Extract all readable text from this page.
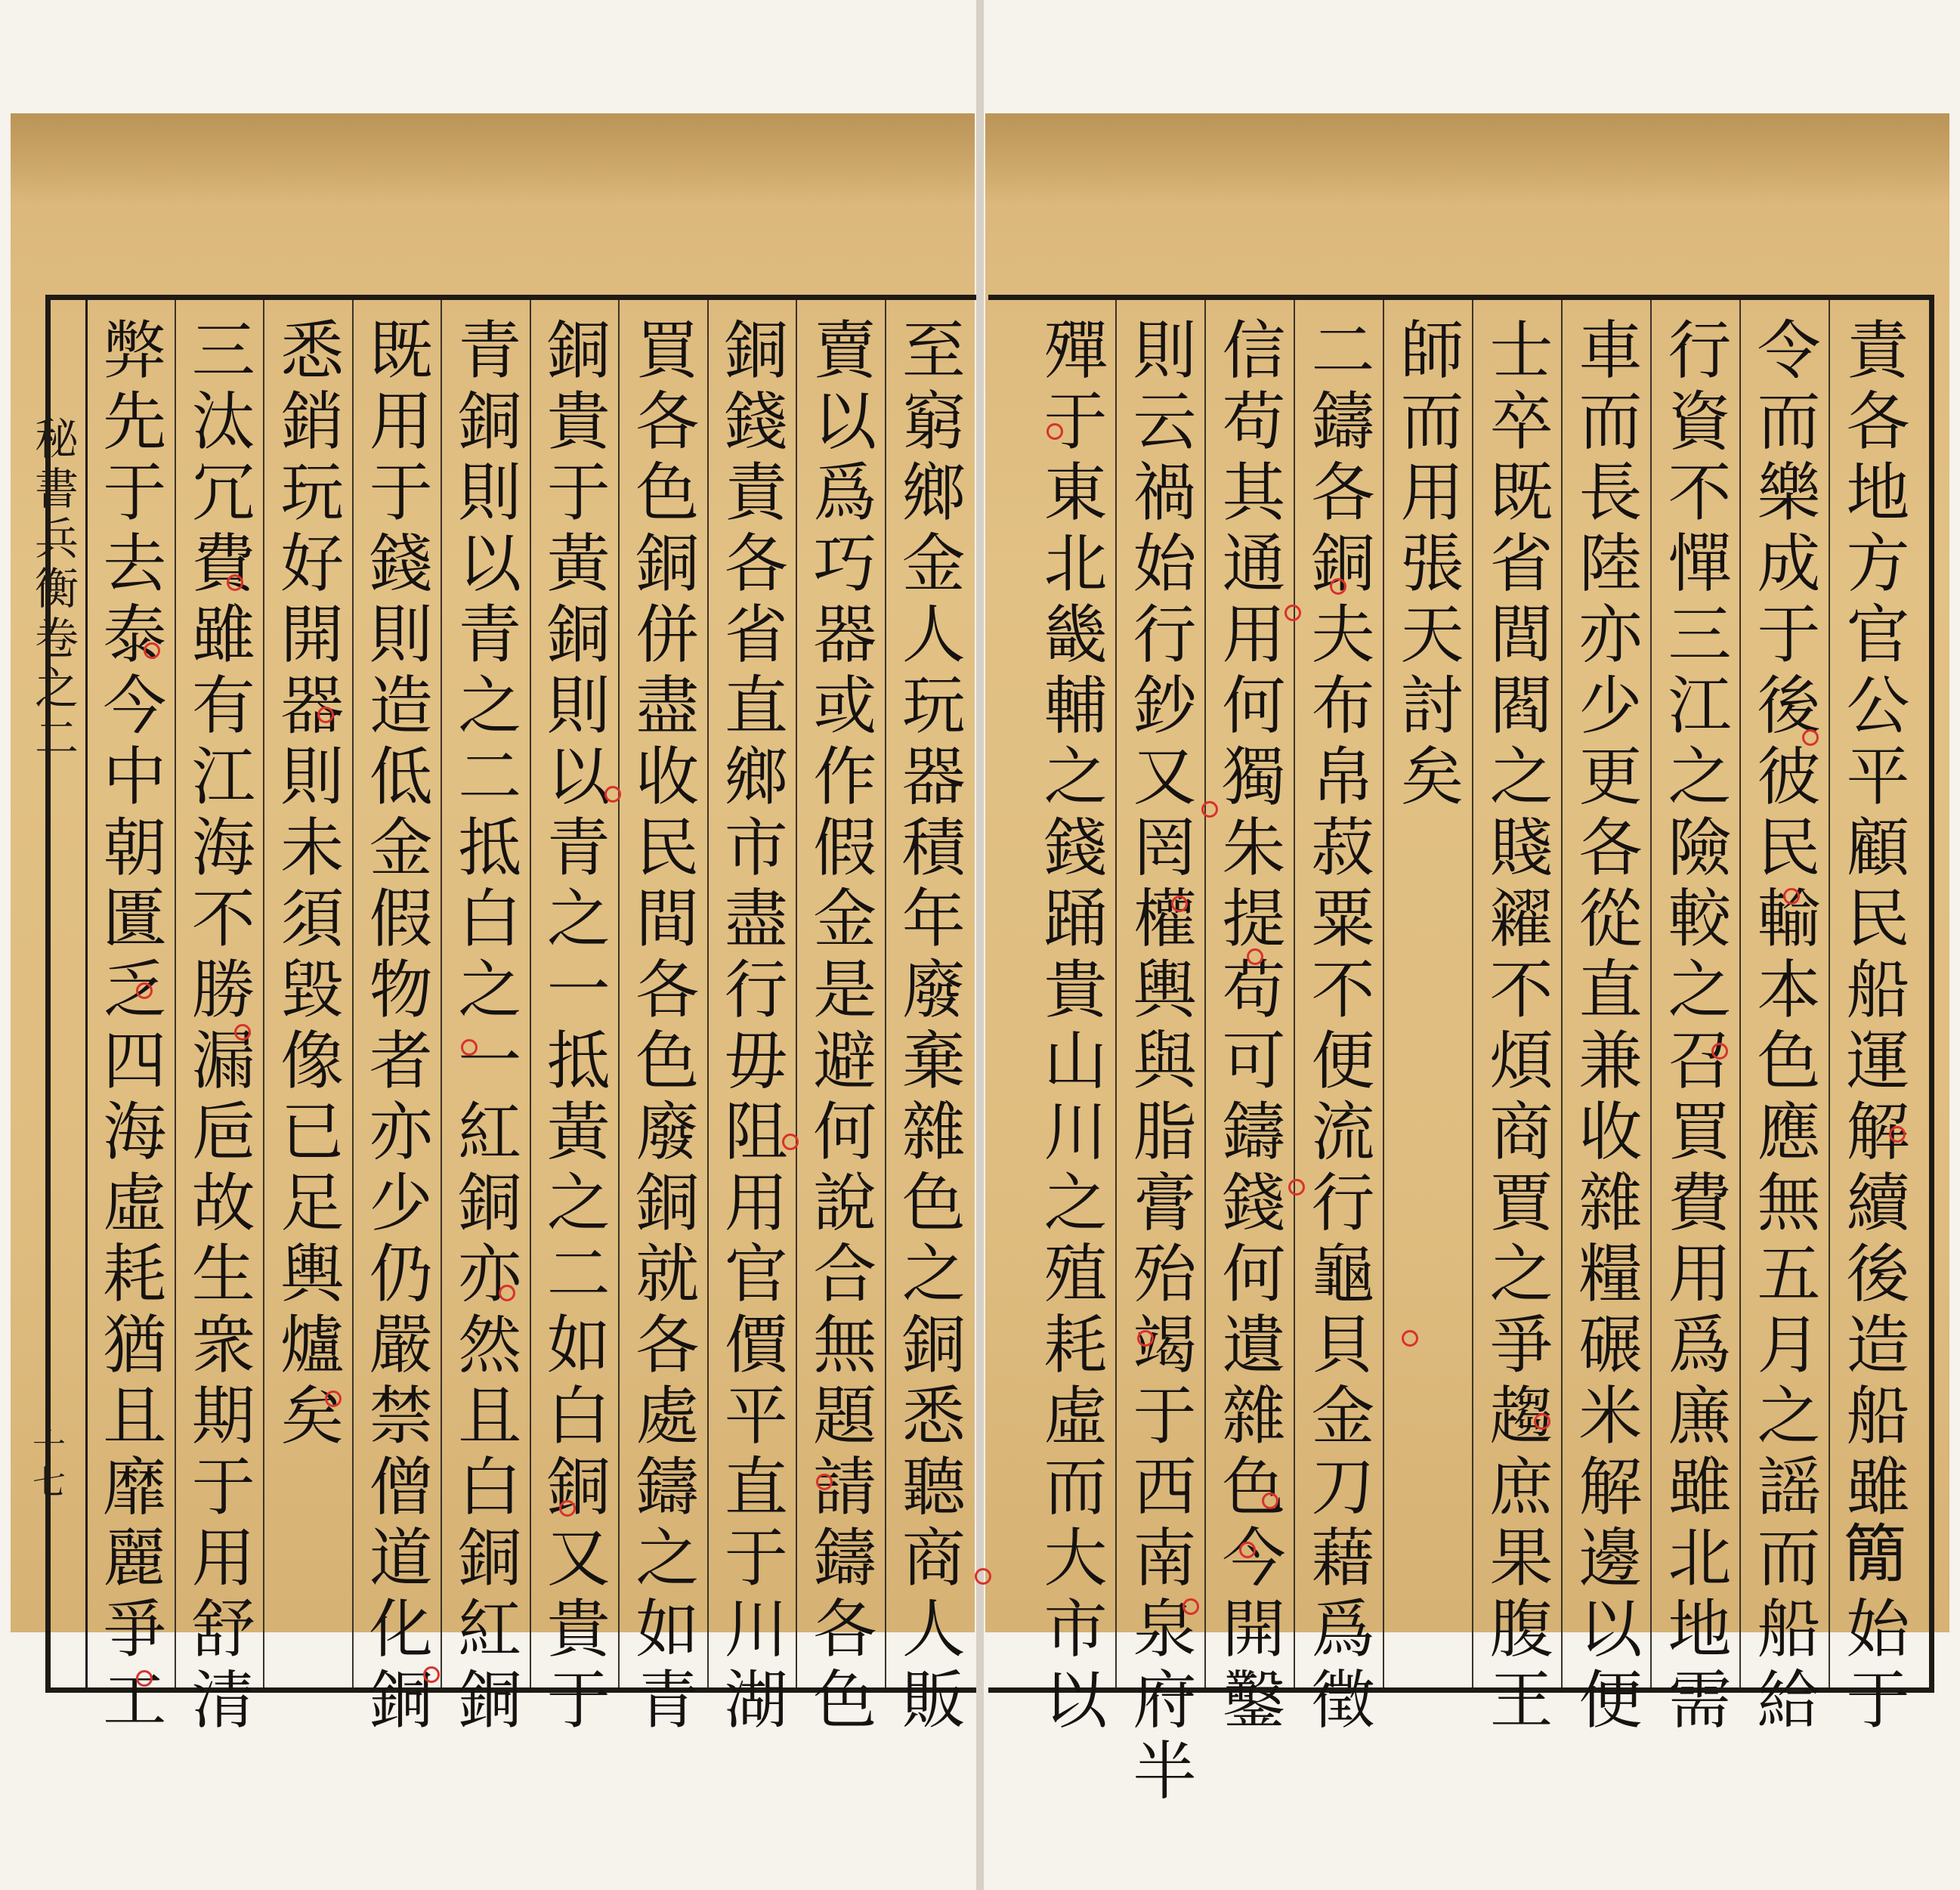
秘書兵衡卷之二
十七	至窮鄉金人玩器積年廢棄雜色之銅悉聽商人販
賣以爲巧器或作假金是避何說合無題請鑄各色
銅錢責各省直鄉市盡行毋阻用官價平直于川湖
買各色銅併盡收民間各色廢銅就各處鑄之如青
銅貴于黃銅則以青之一抵黃之二如白銅又貴于
青銅則以青之二抵白之一紅銅亦然且白銅紅銅
既用于錢則造低金假物者亦少仍嚴禁僧道化銅
悉銷玩好開器則未須毀像已足輿爐矣
三汰冗費雖有江海不勝漏巵故生衆期于用舒清
弊先于去泰今中朝匱乏四海虛耗猶且靡麗爭工	責各地方官公平顧民船運解續後造船雖𥳑始于
令而樂成于後彼民輸本色應無五月之謡而船給
行資不憚三江之險較之召買費用爲㢘雖北地需
車而長陸亦少更各從直兼收雜糧碾米解邊以便
士卒既省閭閻之賤糴不煩商賈之爭趨庶果腹王
師而用張天討矣
二鑄各銅夫布帛菽粟不便流行龜貝金刀藉爲徵
信苟其通用何獨朱提苟可鑄錢何遺雜色今開鑿
則云禍始行鈔又罔權輿與脂膏殆竭于西南泉府半
殫于東北畿輔之錢踊貴山川之殖耗虛而大市以
